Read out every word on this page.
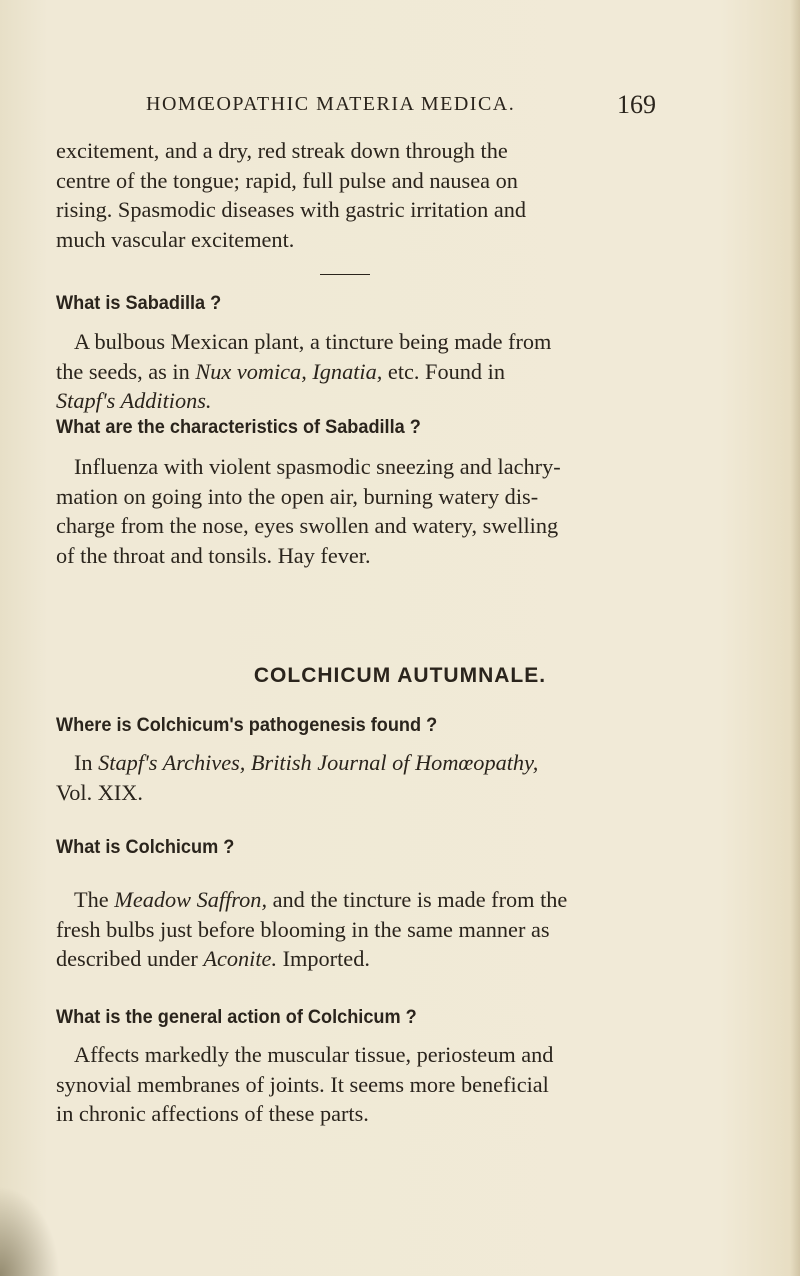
HOMŒOPATHIC MATERIA MEDICA.	169
excitement, and a dry, red streak down through the
centre of the tongue; rapid, full pulse and nausea on
rising. Spasmodic diseases with gastric irritation and
much vascular excitement.
What is Sabadilla ?
A bulbous Mexican plant, a tincture being made from
the seeds, as in Nux vomica, Ignatia, etc. Found in
Stapf's Additions.
What are the characteristics of Sabadilla ?
Influenza with violent spasmodic sneezing and lachry-
mation on going into the open air, burning watery dis-
charge from the nose, eyes swollen and watery, swelling
of the throat and tonsils. Hay fever.
COLCHICUM AUTUMNALE.
Where is Colchicum's pathogenesis found ?
In Stapf's Archives, British Journal of Homœopathy,
Vol. XIX.
What is Colchicum ?
The Meadow Saffron, and the tincture is made from the
fresh bulbs just before blooming in the same manner as
described under Aconite. Imported.
What is the general action of Colchicum ?
Affects markedly the muscular tissue, periosteum and
synovial membranes of joints. It seems more beneficial
in chronic affections of these parts.
